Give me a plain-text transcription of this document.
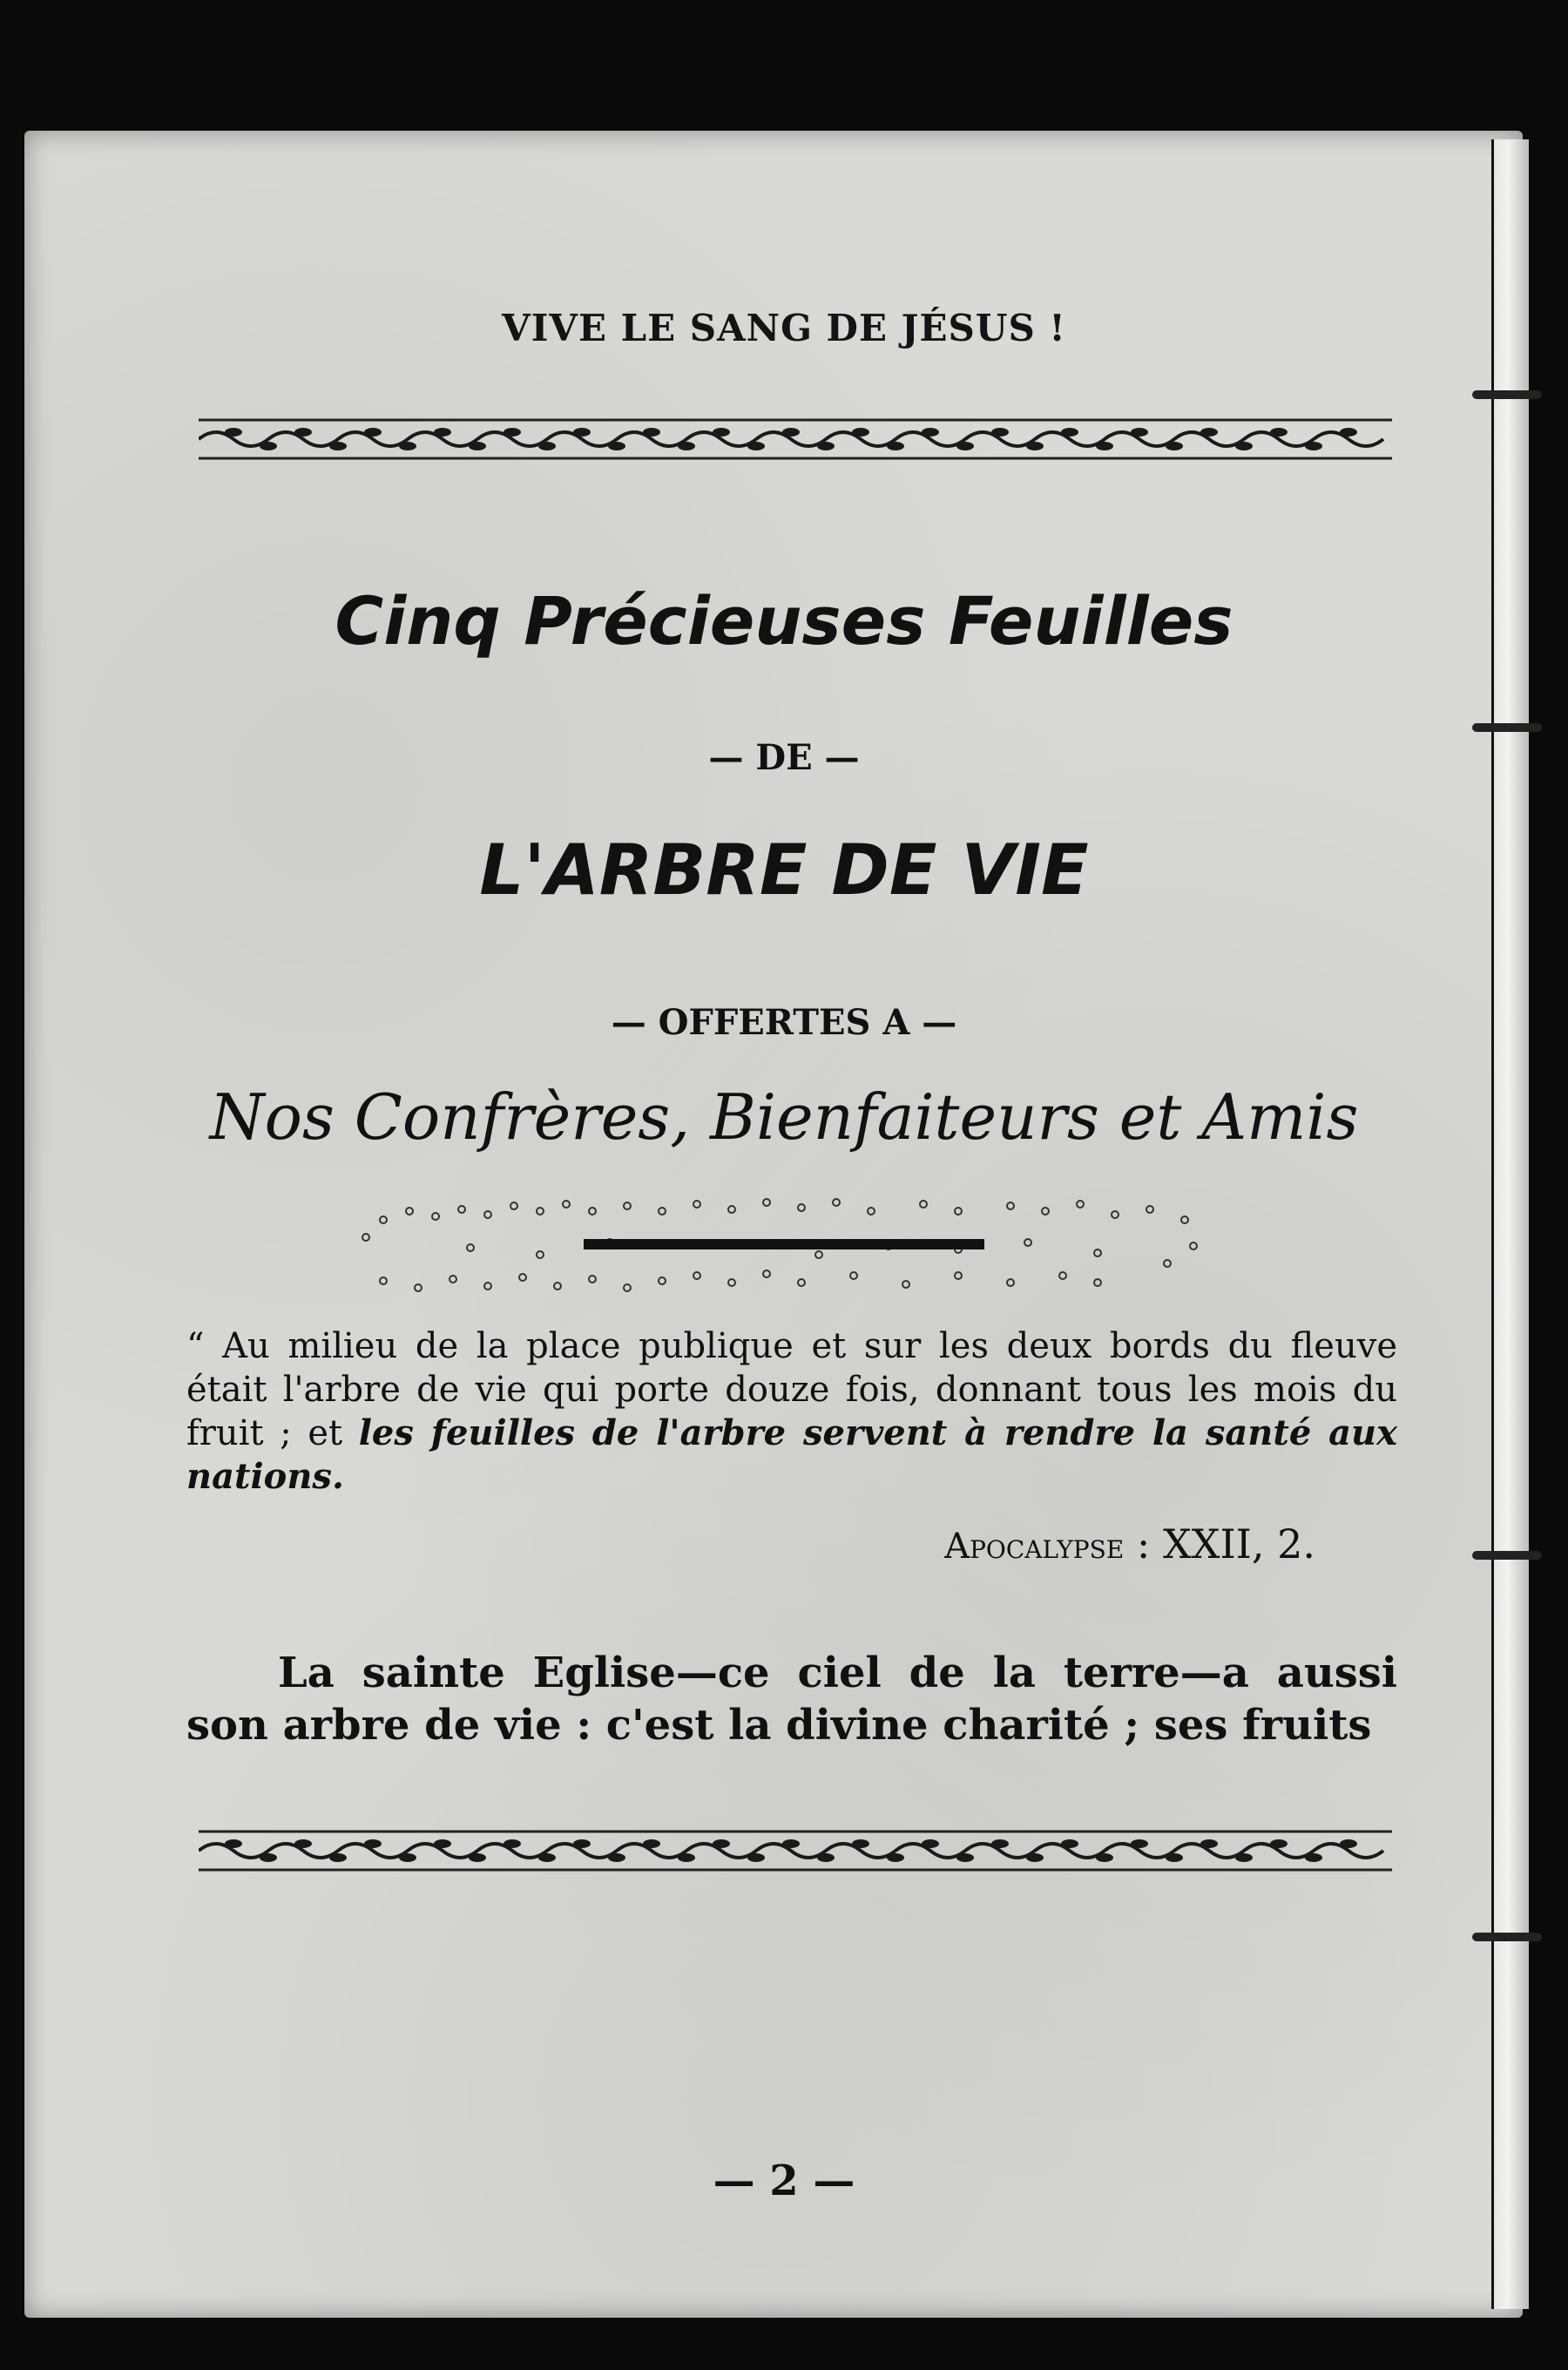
VIVE LE SANG DE JÉSUS !
Cinq Précieuses Feuilles
— DE —
L'ARBRE DE VIE
— OFFERTES A —
Nos Confrères, Bienfaiteurs et Amis
“ Au milieu de la place publique et sur les deux bords du fleuve était l'arbre de vie qui porte douze fois, donnant tous les mois du fruit ; et les feuilles de l'arbre servent à rendre la santé aux nations.
Apocalypse : XXII, 2.
La sainte Eglise—ce ciel de la terre—a aussi son arbre de vie : c'est la divine charité ; ses fruits
— 2 —
